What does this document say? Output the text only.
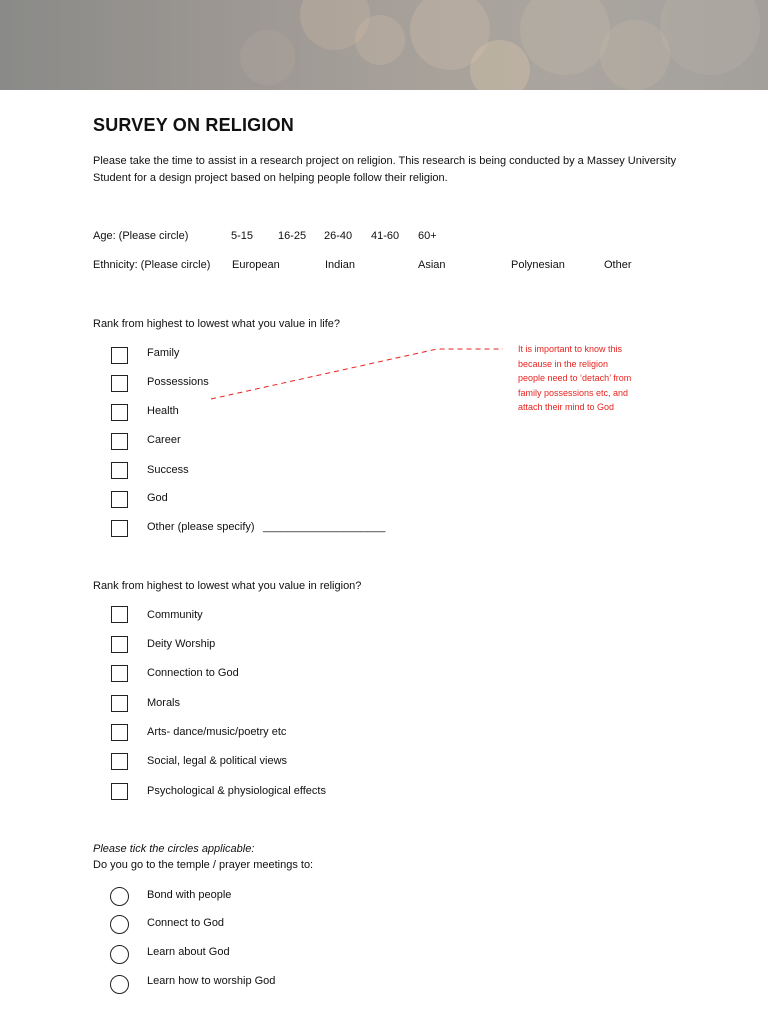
SURVEY ON RELIGION
Please take the time to assist in a research project on religion. This research is being conducted by a Massey University Student for a design project based on helping people follow their religion.
Age: (Please circle)	5-15 16-25 26-40 41-60 60+
Ethnicity: (Please circle) European	Indian	Asian	Polynesian	Other
Rank from highest to lowest what you value in life?
Family
Possessions
Health
Career
Success
God
Other (please specify) ____________________
It is important to know this because in the religion people need to ‘detach’ from family possessions etc, and attach their mind to God
Rank from highest to lowest what you value in religion?
Community
Deity Worship
Connection to God
Morals
Arts- dance/music/poetry etc
Social, legal & political views
Psychological & physiological effects
Please tick the circles applicable:
Do you go to the temple / prayer meetings to:
Bond with people
Connect to God
Learn about God
Learn how to worship God
